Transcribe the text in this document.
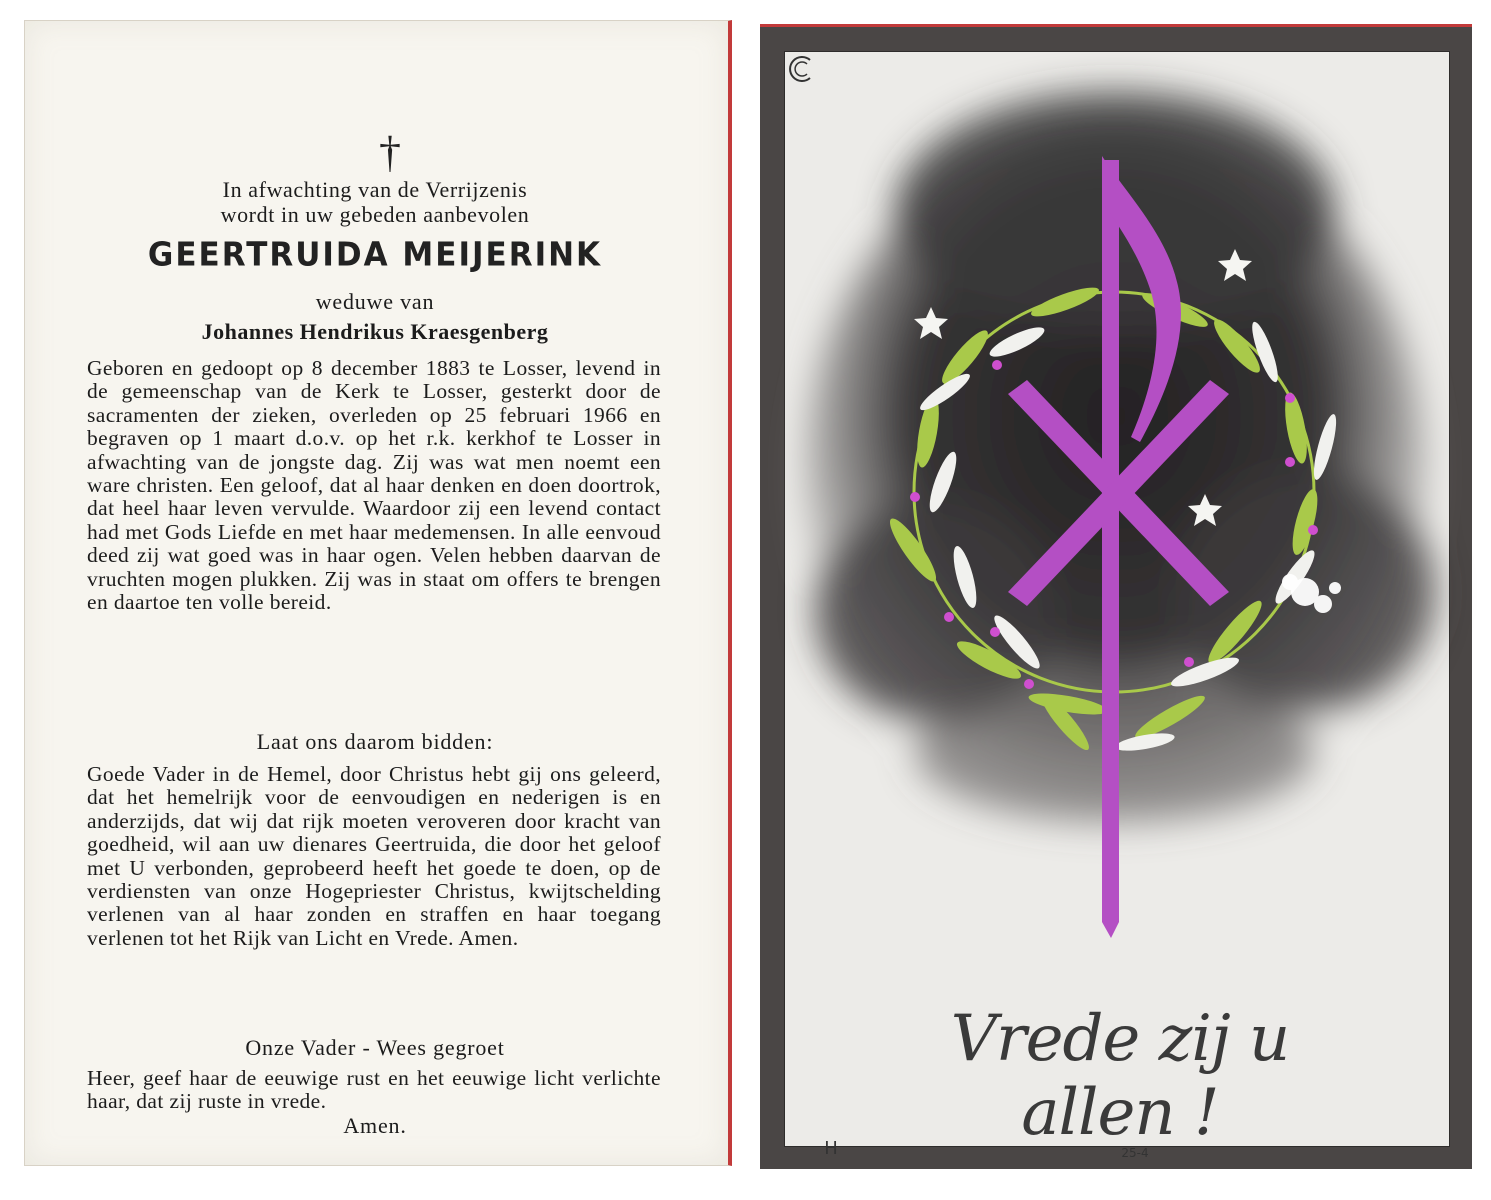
†
In afwachting van de Verrijzenis
wordt in uw gebeden aanbevolen
GEERTRUIDA MEIJERINK
weduwe van
Johannes Hendrikus Kraesgenberg
Geboren en gedoopt op 8 december 1883 te Losser, levend in de gemeenschap van de Kerk te Losser, gesterkt door de sacramenten der zieken, overleden op 25 februari 1966 en begraven op 1 maart d.o.v. op het r.k. kerkhof te Losser in afwachting van de jongste dag. Zij was wat men noemt een ware christen. Een geloof, dat al haar denken en doen doortrok, dat heel haar leven vervulde. Waardoor zij een levend contact had met Gods Liefde en met haar medemensen. In alle eenvoud deed zij wat goed was in haar ogen. Velen hebben daarvan de vruchten mogen plukken. Zij was in staat om offers te brengen en daartoe ten volle bereid.
Laat ons daarom bidden:
Goede Vader in de Hemel, door Christus hebt gij ons geleerd, dat het hemelrijk voor de eenvoudigen en nederigen is en anderzijds, dat wij dat rijk moeten veroveren door kracht van goedheid, wil aan uw dienares Geertruida, die door het geloof met U verbonden, geprobeerd heeft het goede te doen, op de verdiensten van onze Hogepriester Christus, kwijtschelding verlenen van al haar zonden en straffen en haar toegang verlenen tot het Rijk van Licht en Vrede. Amen.
Onze Vader - Wees gegroet
Heer, geef haar de eeuwige rust en het eeuwige licht verlichte haar, dat zij ruste in vrede.
Amen.
Vrede zij u allen !
25-4
H
